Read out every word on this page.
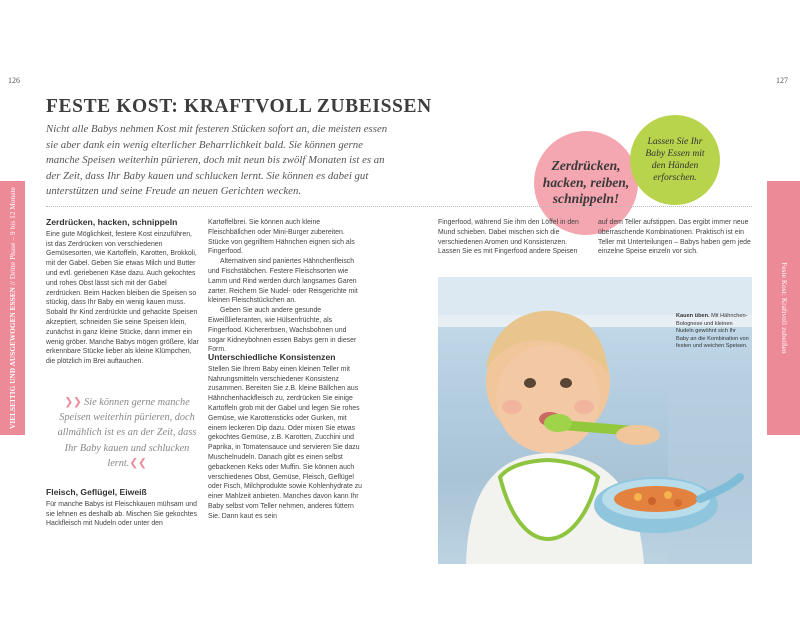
126	127
VIELSEITIG UND AUSGEWOGEN ESSEN // Dritte Phase – 9 bis 12 Monate
Feste Kost: Kraftvoll zubeißen
FESTE KOST: KRAFTVOLL ZUBEISSEN

Nicht alle Babys nehmen Kost mit festeren Stücken sofort an, die meisten essen sie aber dank ein wenig elterlicher Beharrlichkeit bald. Sie können gerne manche Speisen weiterhin pürieren, doch mit neun bis zwölf Monaten ist es an der Zeit, dass Ihr Baby kauen und schlucken lernt. Sie können es dabei gut unterstützen und seine Freude an neuen Gerichten wecken.

Zerdrücken,
hacken, reiben,
schnippeln!
Lassen Sie Ihr
Baby Essen mit
den Händen
erforschen.
Zerdrücken, hacken, schnippeln

Eine gute Möglichkeit, festere Kost einzuführen, ist das Zerdrücken von verschiedenen Gemüsesorten, wie Kartoffeln, Karotten, Brokkoli, mit der Gabel. Geben Sie etwas Milch und Butter und evtl. geriebenen Käse dazu. Auch gekochtes und rohes Obst lässt sich mit der Gabel zerdrücken. Beim Hacken bleiben die Speisen so stückig, dass Ihr Baby ein wenig kauen muss. Sobald Ihr Kind zerdrückte und gehackte Speisen akzeptiert, schneiden Sie seine Speisen klein, zunächst in ganz kleine Stücke, dann immer ein wenig gröber. Manche Babys mögen größere, klar erkennbare Stücke lieber als kleine Klümpchen, die plötzlich im Brei auftauchen.

❯❯ Sie können gerne manche Speisen weiterhin pürieren, doch allmählich ist es an der Zeit, dass Ihr Baby kauen und schlucken lernt.❮❮

Fleisch, Geflügel, Eiweiß

Für manche Babys ist Fleischkauen mühsam und sie lehnen es deshalb ab. Mischen Sie gekochtes Hackfleisch mit Nudeln oder unter den

Kartoffelbrei. Sie können auch kleine Fleischbällchen oder Mini-Burger zubereiten. Stücke von gegrilltem Hähnchen eignen sich als Fingerfood.

Alternativen sind paniertes Hähnchenfleisch und Fischstäbchen. Festere Fleischsorten wie Lamm und Rind werden durch langsames Garen zarter. Reichern Sie Nudel- oder Reisgerichte mit kleinen Fleischstückchen an.

Geben Sie auch andere gesunde Eiweißlieferanten, wie Hülsenfrüchte, als Fingerfood. Kichererbsen, Wachsbohnen und sogar Kidneybohnen essen Babys gern in dieser Form.

Unterschiedliche Konsistenzen

Stellen Sie Ihrem Baby einen kleinen Teller mit Nahrungsmitteln verschiedener Konsistenz zusammen. Bereiten Sie z.B. kleine Bällchen aus Hähnchenhackfleisch zu, zerdrücken Sie einige Kartoffeln grob mit der Gabel und legen Sie rohes Gemüse, wie Karottensticks oder Gurken, mit einem leckeren Dip dazu. Oder mixen Sie etwas gekochtes Gemüse, z.B. Karotten, Zucchini und Paprika, in Tomatensauce und servieren Sie dazu Muschelnudeln. Danach gibt es einen selbst gebackenen Keks oder Muffin. Sie können auch verschiedenes Obst, Gemüse, Fleisch, Geflügel oder Fisch, Milchprodukte sowie Kohlenhydrate zu einer Mahlzeit anbieten. Manches davon kann Ihr Baby selbst vom Teller nehmen, anderes füttern Sie. Dann kaut es sein

Fingerfood, während Sie ihm den Löffel in den Mund schieben. Dabei mischen sich die verschiedenen Aromen und Konsistenzen. Lassen Sie es mit Fingerfood andere Speisen

auf dem Teller aufstippen. Das ergibt immer neue überraschende Kombinationen. Praktisch ist ein Teller mit Unterteilungen – Babys haben gern jede einzelne Speise einzeln vor sich.

Kauen üben. Mit Hähnchen-Bolognese und kleinen Nudeln gewöhnt sich Ihr Baby an die Kombination von festen und weichen Speisen.
